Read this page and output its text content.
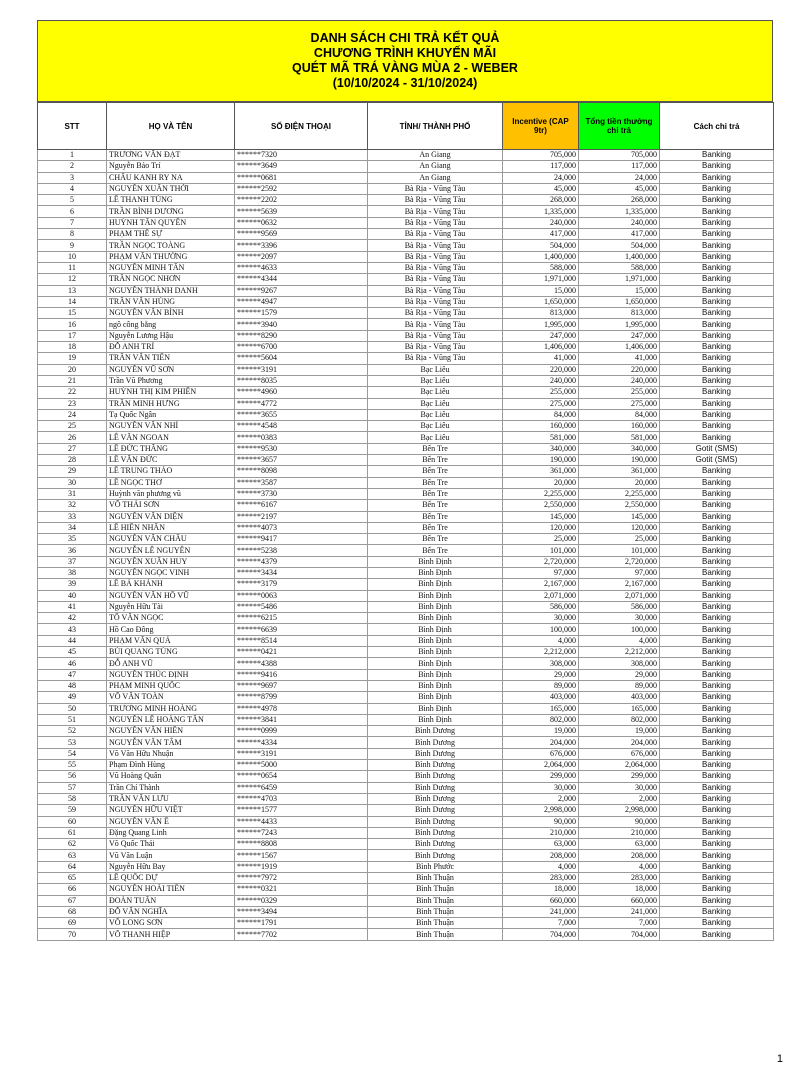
DANH SÁCH CHI TRẢ KẾT QUẢ
CHƯƠNG TRÌNH KHUYẾN MÃI
QUÉT MÃ TRÁ VÀNG MÙA 2 - WEBER
(10/10/2024 - 31/10/2024)
STT	HỌ VÀ TÊN	SỐ ĐIỆN THOẠI	TỈNH/ THÀNH PHỐ	Incentive (CAP 9tr)	Tổng tiền thưởng chi trả	Cách chi trả
1	TRƯƠNG VĂN ĐẠT	******7320	An Giang	705,000	705,000	Banking
2	Nguyễn Bảo Trí	******3649	An Giang	117,000	117,000	Banking
3	CHÂU KANH RY NA	******0681	An Giang	24,000	24,000	Banking
4	NGUYỄN XUÂN THỚI	******2592	Bà Rịa - Vũng Tàu	45,000	45,000	Banking
5	LÊ THANH TÙNG	******2202	Bà Rịa - Vũng Tàu	268,000	268,000	Banking
6	TRẦN BÌNH DƯƠNG	******5639	Bà Rịa - Vũng Tàu	1,335,000	1,335,000	Banking
7	HUỲNH TẤN QUYỀN	******0632	Bà Rịa - Vũng Tàu	240,000	240,000	Banking
8	PHẠM THẾ SỰ	******9569	Bà Rịa - Vũng Tàu	417,000	417,000	Banking
9	TRẦN NGỌC TOÀNG	******3396	Bà Rịa - Vũng Tàu	504,000	504,000	Banking
10	PHẠM VĂN THƯỜNG	******2097	Bà Rịa - Vũng Tàu	1,400,000	1,400,000	Banking
11	NGUYỄN MINH TÂN	******4633	Bà Rịa - Vũng Tàu	588,000	588,000	Banking
12	TRẦN NGỌC NHƠN	******4344	Bà Rịa - Vũng Tàu	1,971,000	1,971,000	Banking
13	NGUYỄN THÀNH DANH	******9267	Bà Rịa - Vũng Tàu	15,000	15,000	Banking
14	TRẦN VĂN HÙNG	******4947	Bà Rịa - Vũng Tàu	1,650,000	1,650,000	Banking
15	NGUYỄN VĂN BÌNH	******1579	Bà Rịa - Vũng Tàu	813,000	813,000	Banking
16	ngô công bằng	******3940	Bà Rịa - Vũng Tàu	1,995,000	1,995,000	Banking
17	Nguyễn Lương Hậu	******8290	Bà Rịa - Vũng Tàu	247,000	247,000	Banking
18	ĐỖ ANH TRÍ	******6700	Bà Rịa - Vũng Tàu	1,406,000	1,406,000	Banking
19	TRẦN VĂN TIẾN	******5604	Bà Rịa - Vũng Tàu	41,000	41,000	Banking
20	NGUYỄN VŨ SƠN	******3191	Bạc Liêu	220,000	220,000	Banking
21	Trần Vũ Phương	******8035	Bạc Liêu	240,000	240,000	Banking
22	HUỲNH THỊ KIM PHIÊN	******4960	Bạc Liêu	255,000	255,000	Banking
23	TRẦN MINH HƯNG	******4772	Bạc Liêu	275,000	275,000	Banking
24	Tạ Quốc Ngân	******3655	Bạc Liêu	84,000	84,000	Banking
25	NGUYỄN VĂN NHÍ	******4548	Bạc Liêu	160,000	160,000	Banking
26	LÊ VĂN NGOAN	******0383	Bạc Liêu	581,000	581,000	Banking
27	LÊ ĐỨC THẮNG	******9530	Bến Tre	340,000	340,000	Gotit (SMS)
28	LÊ VĂN ĐỨC	******3657	Bến Tre	190,000	190,000	Gotit (SMS)
29	LÊ TRUNG THẢO	******8098	Bến Tre	361,000	361,000	Banking
30	LÊ NGỌC THƠ	******3587	Bến Tre	20,000	20,000	Banking
31	Huỳnh văn phương vũ	******3730	Bến Tre	2,255,000	2,255,000	Banking
32	VÕ THÁI SƠN	******6167	Bến Tre	2,550,000	2,550,000	Banking
33	NGUYỄN VĂN DIỆN	******2197	Bến Tre	145,000	145,000	Banking
34	LÊ HIỀN NHÂN	******4073	Bến Tre	120,000	120,000	Banking
35	NGUYỄN VĂN CHÂU	******9417	Bến Tre	25,000	25,000	Banking
36	NGUYỄN LÊ NGUYÊN	******5238	Bến Tre	101,000	101,000	Banking
37	NGUYỄN XUÂN HUY	******4379	Bình Định	2,720,000	2,720,000	Banking
38	NGUYỄN NGỌC VINH	******3434	Bình Định	97,000	97,000	Banking
39	LÊ BÁ KHÁNH	******3179	Bình Định	2,167,000	2,167,000	Banking
40	NGUYỄN VĂN HỒ VŨ	******0063	Bình Định	2,071,000	2,071,000	Banking
41	Nguyễn Hữu Tài	******5486	Bình Định	586,000	586,000	Banking
42	TÔ VĂN NGỌC	******6215	Bình Định	30,000	30,000	Banking
43	Hồ Cao Đông	******6639	Bình Định	100,000	100,000	Banking
44	PHẠM VĂN QUẢ	******8514	Bình Định	4,000	4,000	Banking
45	BÙI QUANG TÙNG	******0421	Bình Định	2,212,000	2,212,000	Banking
46	ĐỖ ANH VŨ	******4388	Bình Định	308,000	308,000	Banking
47	NGUYỄN THÚC ĐỊNH	******9416	Bình Định	29,000	29,000	Banking
48	PHẠM MINH QUỐC	******9697	Bình Định	89,000	89,000	Banking
49	VÕ VĂN TOÀN	******8799	Bình Định	403,000	403,000	Banking
50	TRƯƠNG MINH HOÀNG	******4978	Bình Định	165,000	165,000	Banking
51	NGUYỄN LÊ HOÀNG TẤN	******3841	Bình Định	802,000	802,000	Banking
52	NGUYỄN VĂN HIỀN	******0999	Bình Dương	19,000	19,000	Banking
53	NGUYỄN VĂN TÂM	******4334	Bình Dương	204,000	204,000	Banking
54	Võ Văn Hữu Nhuận	******3191	Bình Dương	676,000	676,000	Banking
55	Phạm Đình Hùng	******5000	Bình Dương	2,064,000	2,064,000	Banking
56	Vũ Hoàng Quân	******0654	Bình Dương	299,000	299,000	Banking
57	Trần Chí Thành	******6459	Bình Dương	30,000	30,000	Banking
58	TRẦN VĂN LƯU	******4703	Bình Dương	2,000	2,000	Banking
59	NGUYỄN HỮU VIỆT	******1577	Bình Dương	2,998,000	2,998,000	Banking
60	NGUYỄN VĂN Ê	******4433	Bình Dương	90,000	90,000	Banking
61	Đặng Quang Linh	******7243	Bình Dương	210,000	210,000	Banking
62	Võ Quốc Thái	******8808	Bình Dương	63,000	63,000	Banking
63	Vũ Văn Luận	******1567	Bình Dương	208,000	208,000	Banking
64	Nguyễn Hữu Bay	******1919	Bình Phước	4,000	4,000	Banking
65	LÊ QUỐC DỰ	******7972	Bình Thuận	283,000	283,000	Banking
66	NGUYỄN HOÀI TIẾN	******0321	Bình Thuận	18,000	18,000	Banking
67	ĐOÀN TUẤN	******0329	Bình Thuận	660,000	660,000	Banking
68	ĐỖ VĂN NGHĨA	******3494	Bình Thuận	241,000	241,000	Banking
69	VÕ LONG SƠN	******1791	Bình Thuận	7,000	7,000	Banking
70	VÕ THANH HIỆP	******7702	Bình Thuận	704,000	704,000	Banking
1
